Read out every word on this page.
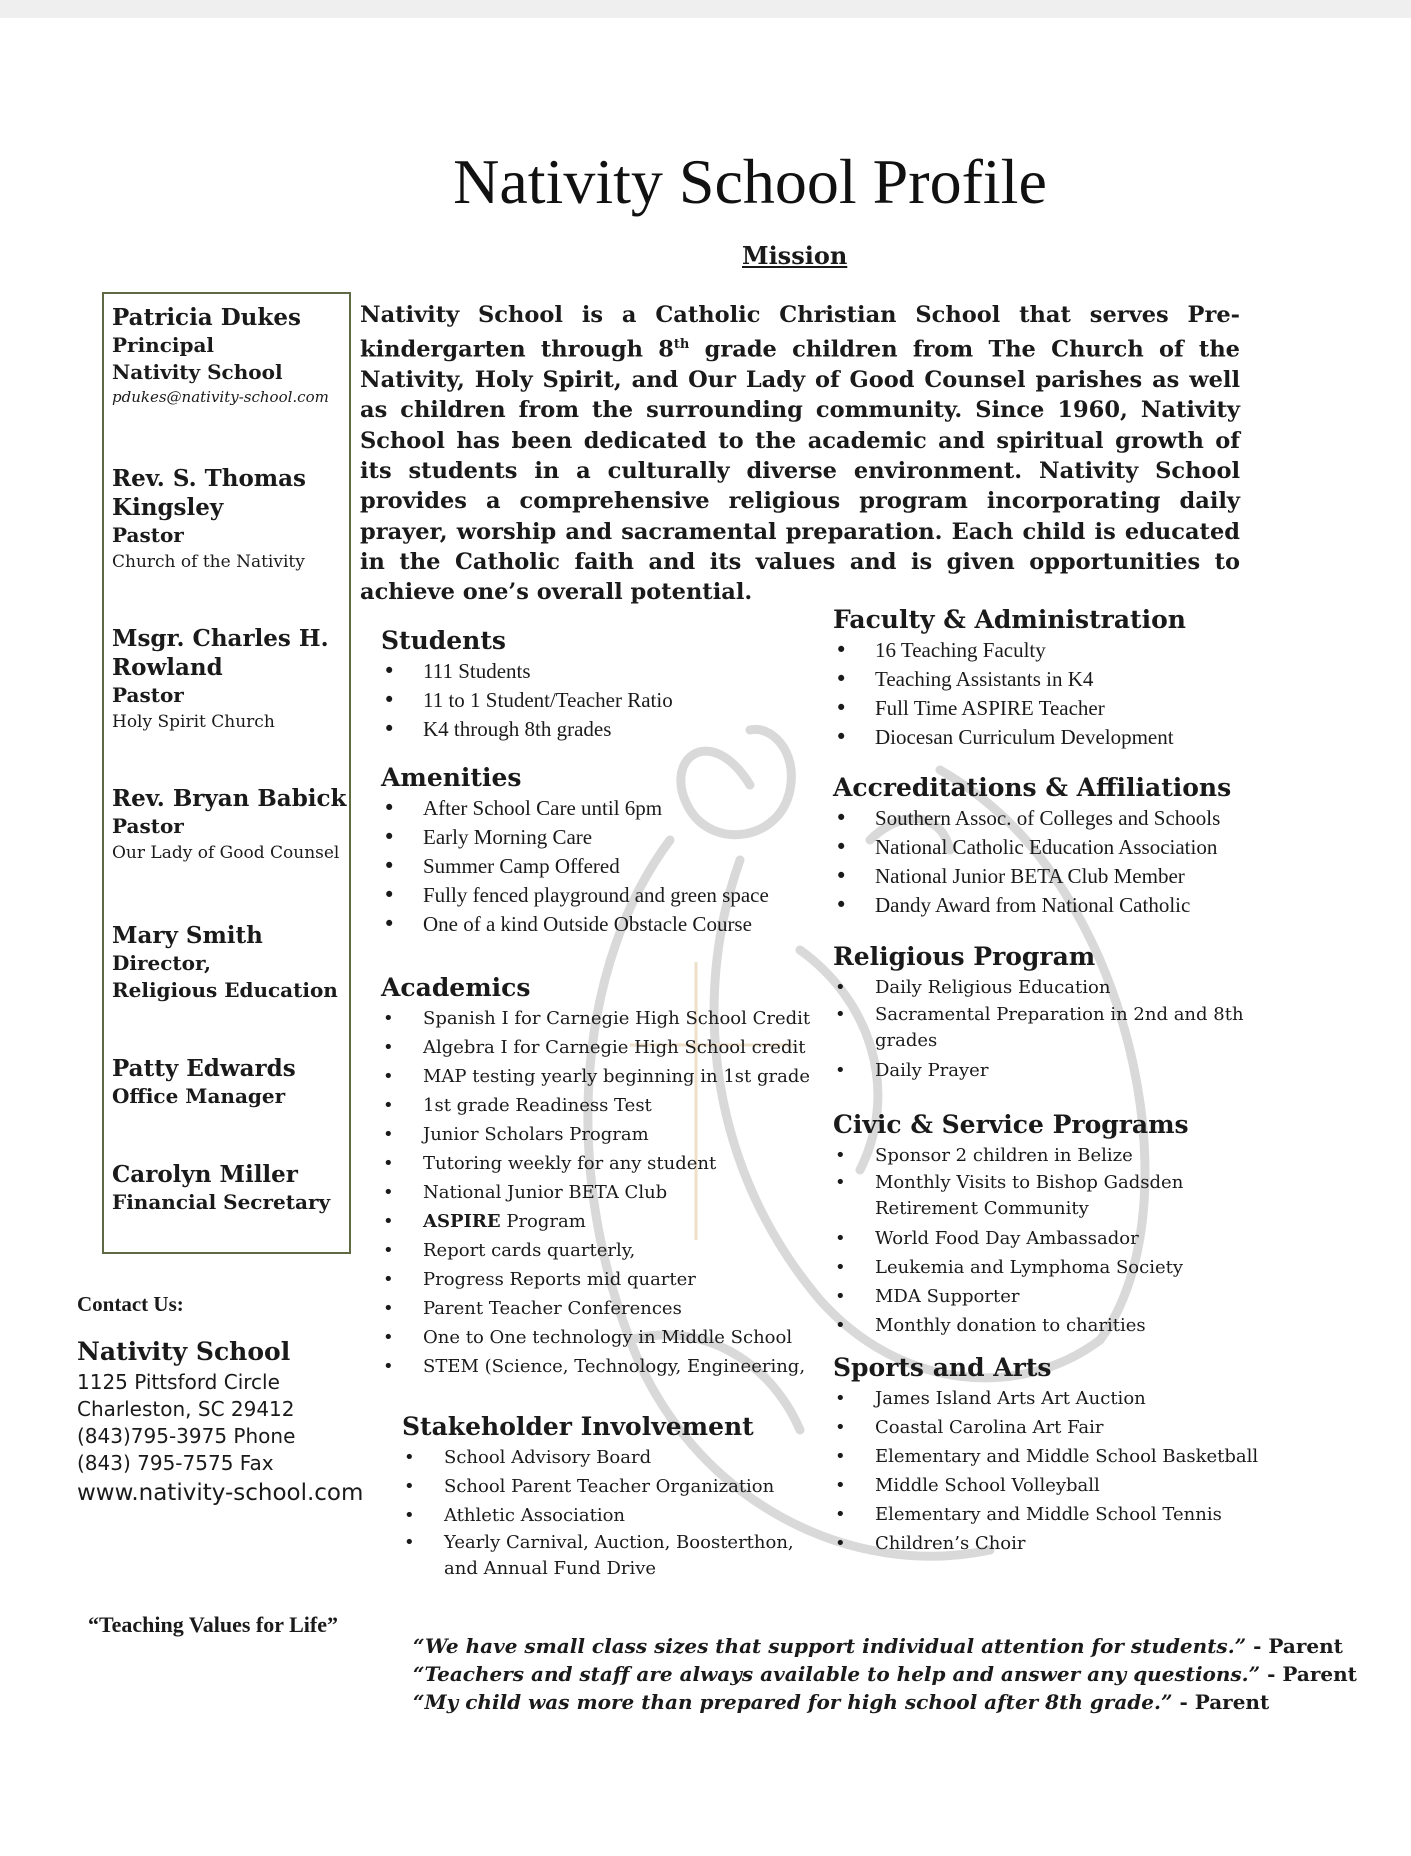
Nativity School Profile
Mission
Nativity School is a Catholic Christian School that serves Pre-kindergarten through 8th grade children from The Church of the Nativity, Holy Spirit, and Our Lady of Good Counsel parishes as well as children from the surrounding community. Since 1960, Nativity School has been dedicated to the academic and spiritual growth of its students in a culturally diverse environment. Nativity School provides a comprehensive religious program incorporating daily prayer, worship and sacramental preparation. Each child is educated in the Catholic faith and its values and is given opportunities to achieve one’s overall potential.
Patricia Dukes
Principal
Nativity School
pdukes@nativity-school.com
Rev. S. Thomas Kingsley
Pastor
Church of the Nativity
Msgr. Charles H. Rowland
Pastor
Holy Spirit Church
Rev. Bryan Babick
Pastor
Our Lady of Good Counsel
Mary Smith
Director,
Religious Education
Patty Edwards
Office Manager
Carolyn Miller
Financial Secretary
Contact Us:
Nativity School
1125 Pittsford Circle
Charleston, SC 29412
(843)795-3975 Phone
(843) 795-7575 Fax
www.nativity-school.com
“Teaching Values for Life”
Students
• 111 Students
• 11 to 1 Student/Teacher Ratio
• K4 through 8th grades
Amenities
• After School Care until 6pm
• Early Morning Care
• Summer Camp Offered
• Fully fenced playground and green space
• One of a kind Outside Obstacle Course
Academics
• Spanish I for Carnegie High School Credit
• Algebra I for Carnegie High School credit
• MAP testing yearly beginning in 1st grade
• 1st grade Readiness Test
• Junior Scholars Program
• Tutoring weekly for any student
• National Junior BETA Club
• ASPIRE Program
• Report cards quarterly,
• Progress Reports mid quarter
• Parent Teacher Conferences
• One to One technology in Middle School
• STEM (Science, Technology, Engineering,
Stakeholder Involvement
• School Advisory Board
• School Parent Teacher Organization
• Athletic Association
• Yearly Carnival, Auction, Boosterthon, and Annual Fund Drive
Faculty & Administration
• 16 Teaching Faculty
• Teaching Assistants in K4
• Full Time ASPIRE Teacher
• Diocesan Curriculum Development
Accreditations & Affiliations
• Southern Assoc. of Colleges and Schools
• National Catholic Education Association
• National Junior BETA Club Member
• Dandy Award from National Catholic
Religious Program
• Daily Religious Education
• Sacramental Preparation in 2nd and 8th grades
• Daily Prayer
Civic & Service Programs
• Sponsor 2 children in Belize
• Monthly Visits to Bishop Gadsden Retirement Community
• World Food Day Ambassador
• Leukemia and Lymphoma Society
• MDA Supporter
• Monthly donation to charities
Sports and Arts
• James Island Arts Art Auction
• Coastal Carolina Art Fair
• Elementary and Middle School Basketball
• Middle School Volleyball
• Elementary and Middle School Tennis
• Children’s Choir
“We have small class sizes that support individual attention for students.” - Parent
“Teachers and staff are always available to help and answer any questions.” - Parent
“My child was more than prepared for high school after 8th grade.” - Parent
